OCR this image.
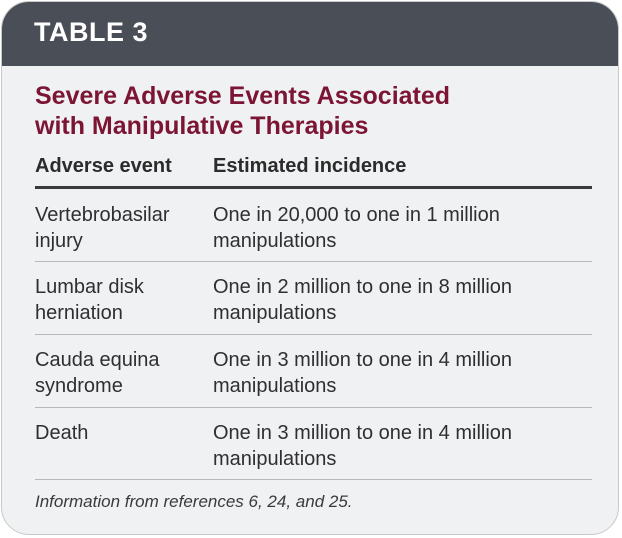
TABLE 3
Severe Adverse Events Associated
with Manipulative Therapies
Adverse event Estimated incidence
Vertebrobasilar
injury
One in 20,000 to one in 1 million
manipulations
Lumbar disk
herniation
One in 2 million to one in 8 million
manipulations
Cauda equina
syndrome
One in 3 million to one in 4 million
manipulations
Death	One in 3 million to one in 4 million
manipulations
Information from references 6, 24, and 25.
